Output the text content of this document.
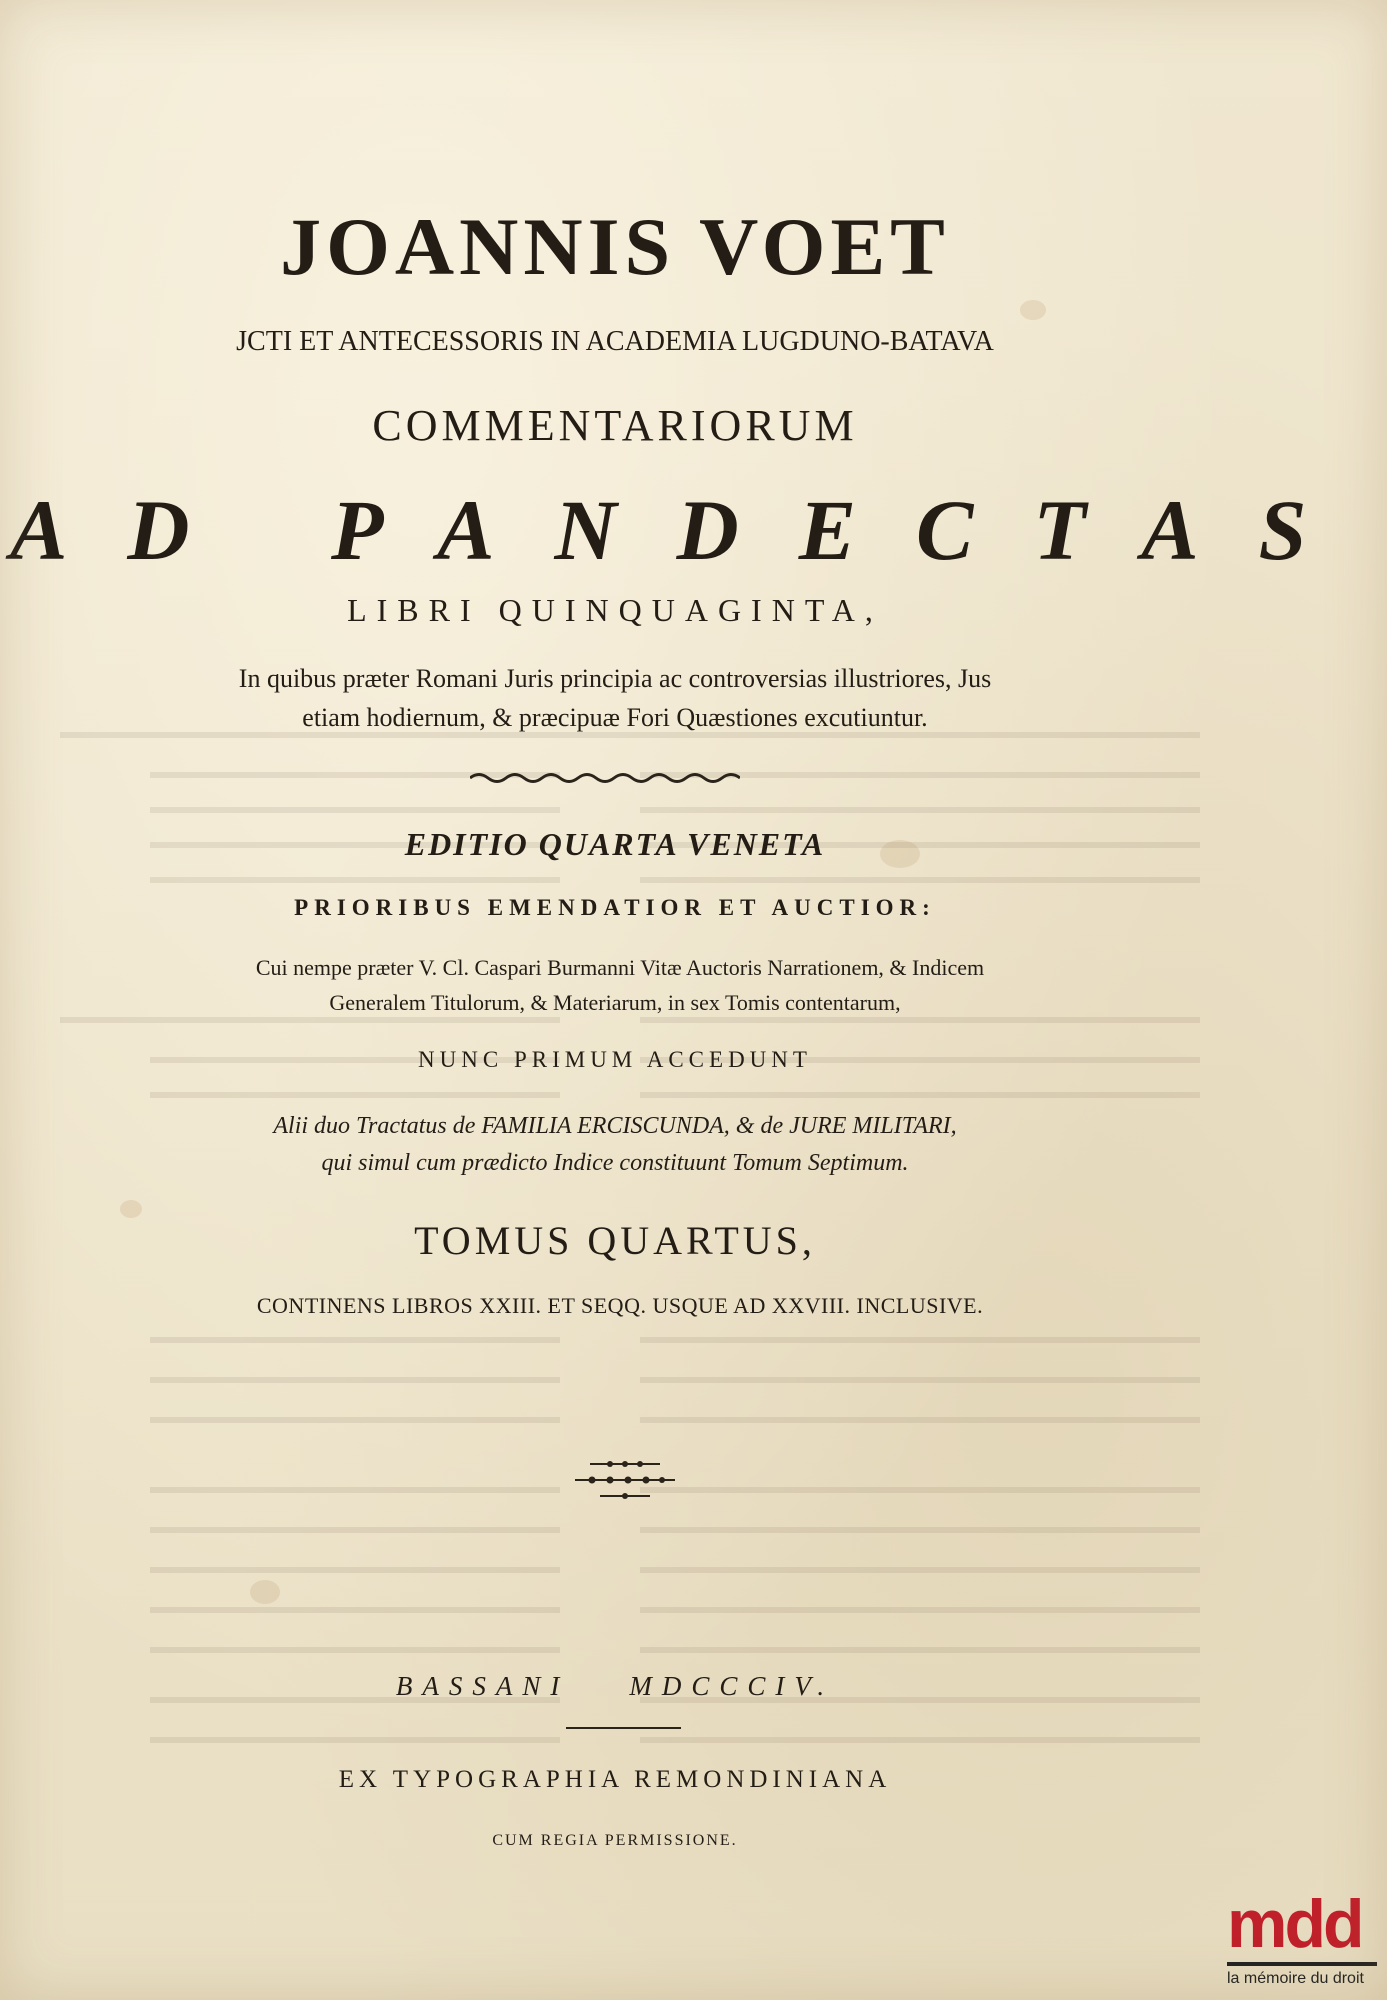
JOANNIS VOET
JCTI ET ANTECESSORIS IN ACADEMIA LUGDUNO-BATAVA
COMMENTARIORUM
AD PANDECTAS
LIBRI QUINQUAGINTA,
In quibus præter Romani Juris principia ac controversias illustriores, Jus
etiam hodiernum, & præcipuæ Fori Quæstiones excutiuntur.
EDITIO QUARTA VENETA
PRIORIBUS EMENDATIOR ET AUCTIOR:
Cui nempe præter V. Cl. Caspari Burmanni Vitæ Auctoris Narrationem, & Indicem
Generalem Titulorum, & Materiarum, in sex Tomis contentarum,
NUNC PRIMUM ACCEDUNT
Alii duo Tractatus de FAMILIA ERCISCUNDA, & de JURE MILITARI,
qui simul cum prædicto Indice constituunt Tomum Septimum.
TOMUS QUARTUS,
CONTINENS LIBROS XXIII. ET SEQQ. USQUE AD XXVIII. INCLUSIVE.
BASSANI MDCCCIV.
EX TYPOGRAPHIA REMONDINIANA
CUM REGIA PERMISSIONE.
mdd
la mémoire du droit
